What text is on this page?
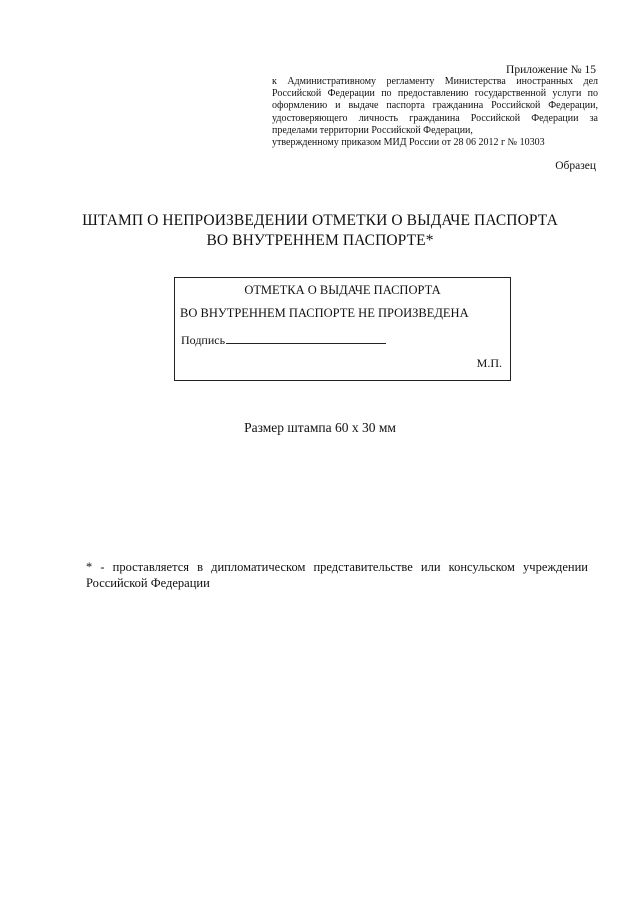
Приложение № 15
к Административному регламенту Министерства иностранных дел
Российской Федерации по предоставлению государственной услуги по
оформлению и выдаче паспорта гражданина Российской Федерации,
удостоверяющего личность гражданина Российской Федерации за
пределами территории Российской Федерации,
утвержденному приказом МИД России от 28 06 2012 г № 10303
Образец
ШТАМП О НЕПРОИЗВЕДЕНИИ ОТМЕТКИ О ВЫДАЧЕ ПАСПОРТА
ВО ВНУТРЕННЕМ ПАСПОРТЕ*
ОТМЕТКА О ВЫДАЧЕ ПАСПОРТА
ВО ВНУТРЕННЕМ ПАСПОРТЕ НЕ ПРОИЗВЕДЕНА
Подпись
М.П.
Размер штампа 60 х 30 мм
* - проставляется в дипломатическом представительстве или консульском учреждении
Российской Федерации
